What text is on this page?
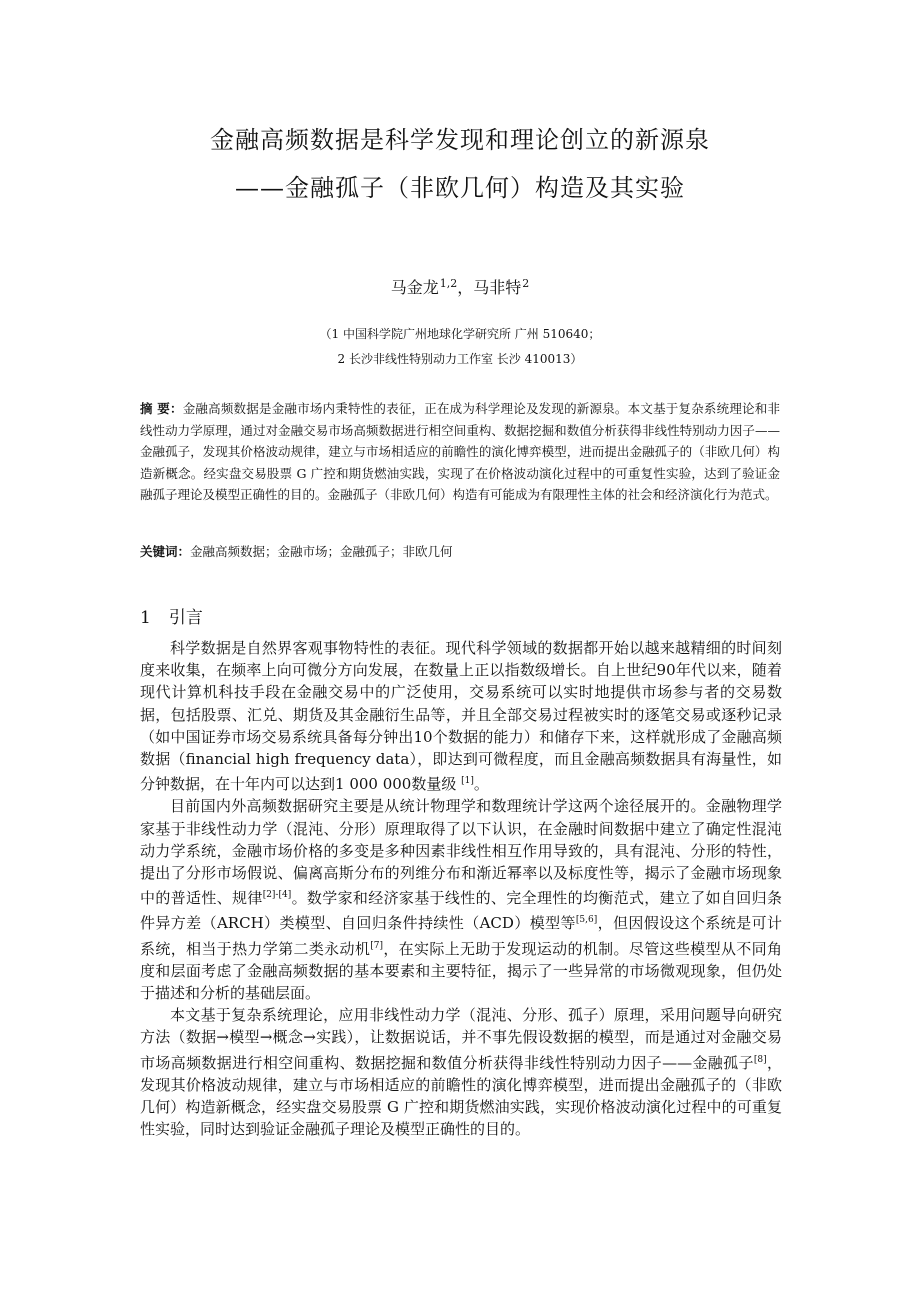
金融高频数据是科学发现和理论创立的新源泉
——金融孤子（非欧几何）构造及其实验
马金龙$^{1,2}$，马非特$^2$
（1 中国科学院广州地球化学研究所 广州 510640；
2 长沙非线性特别动力工作室 长沙 410013）
摘 要：金融高频数据是金融市场内秉特性的表征，正在成为科学理论及发现的新源泉。本文基于复杂系统理论和非线性动力学原理，通过对金融交易市场高频数据进行相空间重构、数据挖掘和数值分析获得非线性特别动力因子——金融孤子，发现其价格波动规律，建立与市场相适应的前瞻性的演化博弈模型，进而提出金融孤子的（非欧几何）构造新概念。经实盘交易股票 G 广控和期货燃油实践，实现了在价格波动演化过程中的可重复性实验，达到了验证金融孤子理论及模型正确性的目的。金融孤子（非欧几何）构造有可能成为有限理性主体的社会和经济演化行为范式。
关键词：金融高频数据；金融市场；金融孤子；非欧几何
1 引言

科学数据是自然界客观事物特性的表征。现代科学领域的数据都开始以越来越精细的时间刻度来收集，在频率上向可微分方向发展，在数量上正以指数级增长。自上世纪90年代以来，随着现代计算机科技手段在金融交易中的广泛使用，交易系统可以实时地提供市场参与者的交易数据，包括股票、汇兑、期货及其金融衍生品等，并且全部交易过程被实时的逐笔交易或逐秒记录（如中国证券市场交易系统具备每分钟出10个数据的能力）和储存下来，这样就形成了金融高频数据（financial high frequency data），即达到可微程度，而且金融高频数据具有海量性，如分钟数据，在十年内可以达到1 000 000数量级 [1]。

目前国内外高频数据研究主要是从统计物理学和数理统计学这两个途径展开的。金融物理学家基于非线性动力学（混沌、分形）原理取得了以下认识，在金融时间数据中建立了确定性混沌动力学系统，金融市场价格的多变是多种因素非线性相互作用导致的，具有混沌、分形的特性，提出了分形市场假说、偏离高斯分布的列维分布和渐近幂率以及标度性等，揭示了金融市场现象中的普适性、规律[2]-[4]。数学家和经济家基于线性的、完全理性的均衡范式，建立了如自回归条件异方差（ARCH）类模型、自回归条件持续性（ACD）模型等[5,6]，但因假设这个系统是可计系统，相当于热力学第二类永动机[7]，在实际上无助于发现运动的机制。尽管这些模型从不同角度和层面考虑了金融高频数据的基本要素和主要特征，揭示了一些异常的市场微观现象，但仍处于描述和分析的基础层面。

本文基于复杂系统理论，应用非线性动力学（混沌、分形、孤子）原理，采用问题导向研究方法（数据→模型→概念→实践），让数据说话，并不事先假设数据的模型，而是通过对金融交易市场高频数据进行相空间重构、数据挖掘和数值分析获得非线性特别动力因子——金融孤子[8]，发现其价格波动规律，建立与市场相适应的前瞻性的演化博弈模型，进而提出金融孤子的（非欧几何）构造新概念，经实盘交易股票 G 广控和期货燃油实践，实现价格波动演化过程中的可重复性实验，同时达到验证金融孤子理论及模型正确性的目的。
